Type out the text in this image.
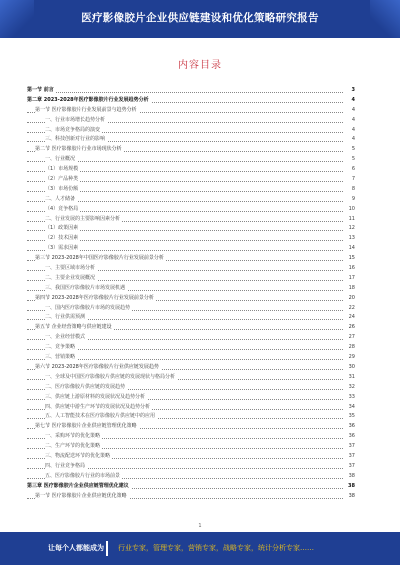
医疗影像胶片企业供应链建设和优化策略研究报告
内容目录
第一节 前言	3
第二章 2023-2028年医疗影像胶片行业发展趋势分析	4
第一节 医疗影像胶片行业发展前景与趋势分析	4
一、行业市场增长趋势分析	4
二、市场竞争格局的演变	4
三、科技创新对行业的影响	4
第二节 医疗影像胶片行业市场现状分析	5
一、行业概况	5
（1）市场规模	6
（2）产品种类	7
（3）市场份额	8
二、人才储备	9
（4）竞争格局	10
二、行业发展的主要影响因素分析	11
（1）政策因素	12
（2）技术因素	13
（3）需求因素	14
第三节 2023-2028年中国医疗影像胶片行业发展前景分析	15
一、主要区域市场分析	16
二、主要企业发展概况	17
三、我国医疗影像胶片市场发展机遇	18
第四节 2023-2028年医疗影像胶片行业发展前景分析	20
一、国内医疗影像胶片市场的发展趋势	22
二、行业供需预测	24
第五节 企业经营策略与供应链建设	26
一、企业经营模式	27
二、竞争策略	28
三、营销策略	29
第六节 2023-2028年医疗影像胶片行业供应链发展趋势	30
一、全球及中国医疗影像胶片供应链的发展现状与格局分析	31
二、医疗影像胶片供应链的发展趋势	32
三、供应链上游原材料的发展状况及趋势分析	33
四、供应链中游生产环节的发展状况及趋势分析	34
五、人工智能技术在医疗影像胶片供应链中的应用	35
第七节 医疗影像胶片企业供应链管理优化策略	36
一、采购环节的优化策略	36
二、生产环节的优化策略	37
三、物流配送环节的优化策略	37
四、行业竞争格局	37
五、医疗影像胶片行业的市场前景	38
第三章 医疗影像胶片企业供应链管理优化建议	38
第一节 医疗影像胶片企业供应链优化策略	38
1
让每个人都能成为 行业专家，管理专家，营销专家，战略专家，统计分析专家……
